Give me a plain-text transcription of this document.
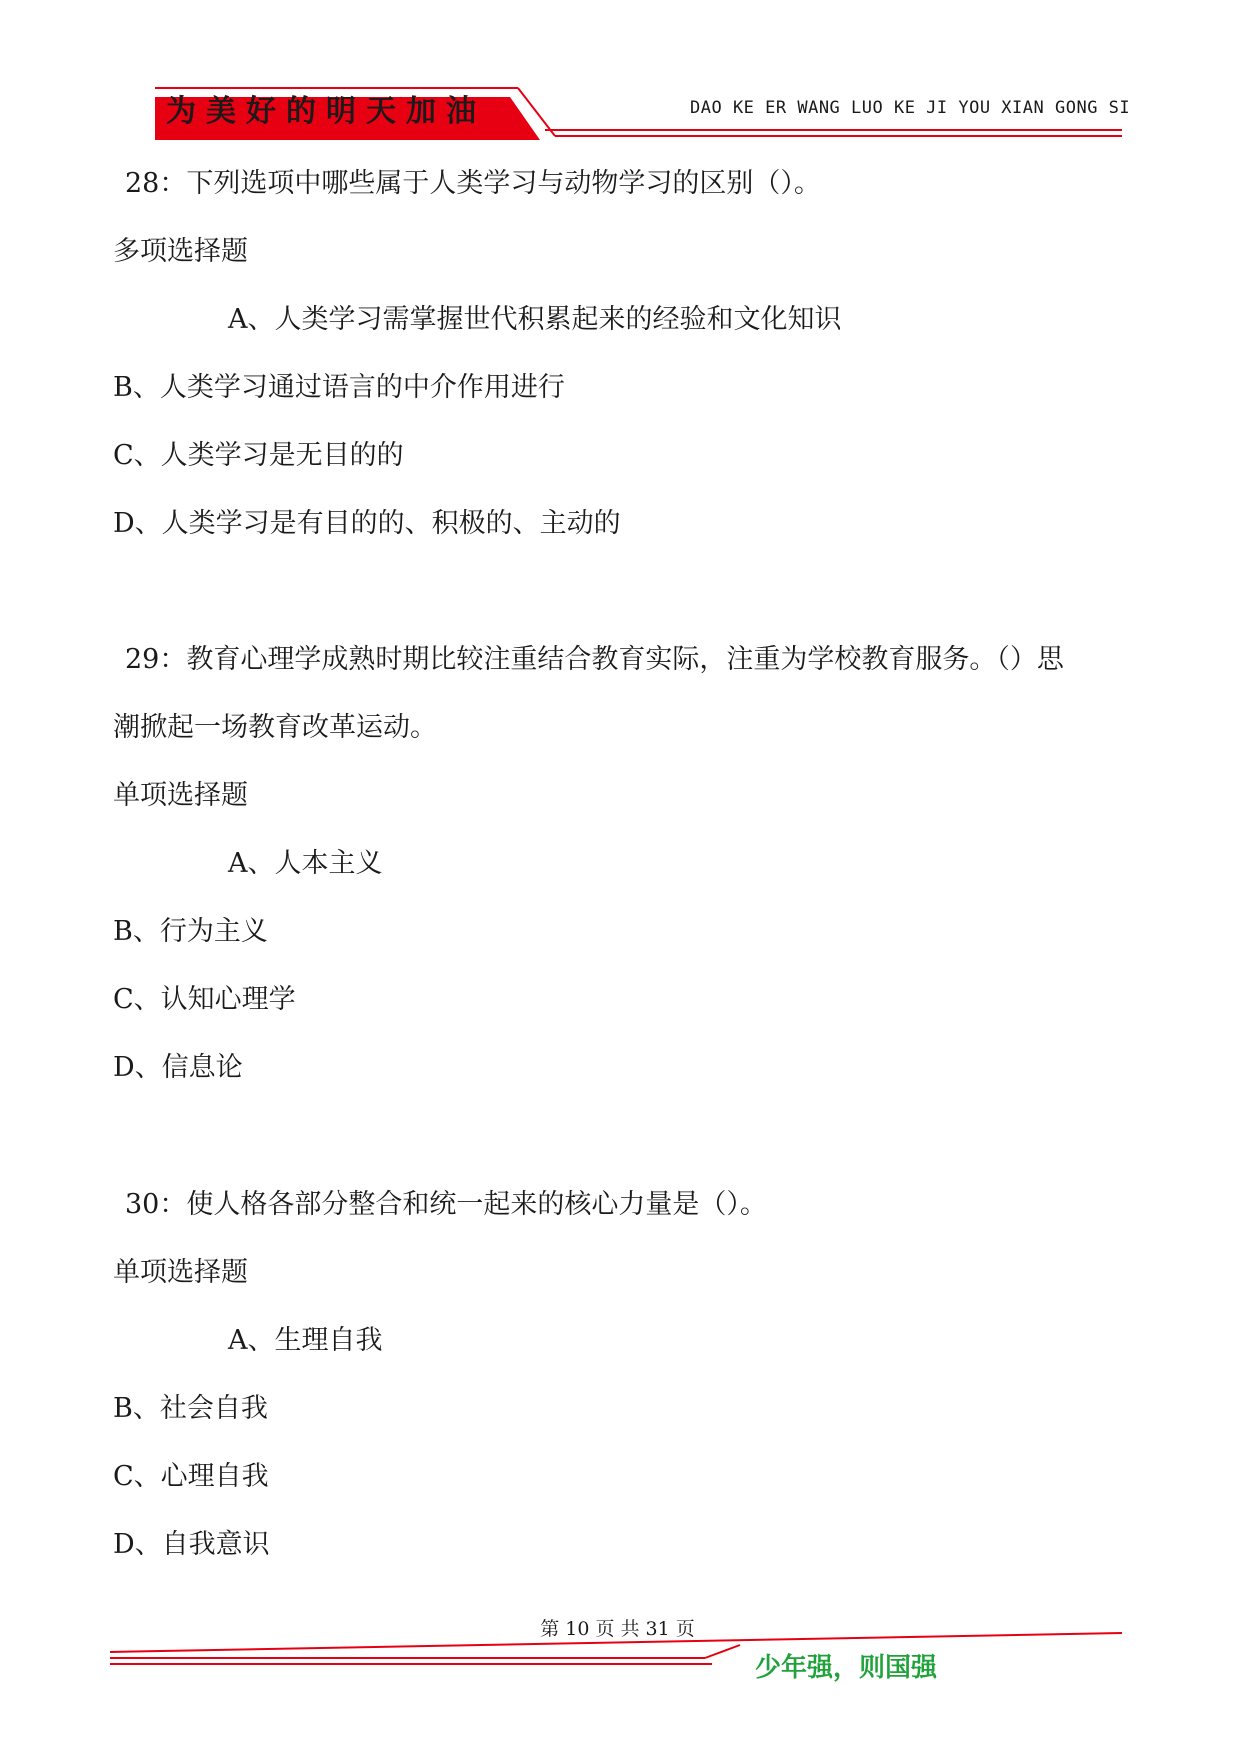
为美好的明天加油	DAO KE ER WANG LUO KE JI YOU XIAN GONG SI
28：下列选项中哪些属于人类学习与动物学习的区别（）。
多项选择题
A、人类学习需掌握世代积累起来的经验和文化知识
B、人类学习通过语言的中介作用进行
C、人类学习是无目的的
D、人类学习是有目的的、积极的、主动的
29：教育心理学成熟时期比较注重结合教育实际，注重为学校教育服务。（）思
潮掀起一场教育改革运动。
单项选择题
A、人本主义
B、行为主义
C、认知心理学
D、信息论
30：使人格各部分整合和统一起来的核心力量是（）。
单项选择题
A、生理自我
B、社会自我
C、心理自我
D、自我意识
第 10 页 共 31 页
少年强，则国强
